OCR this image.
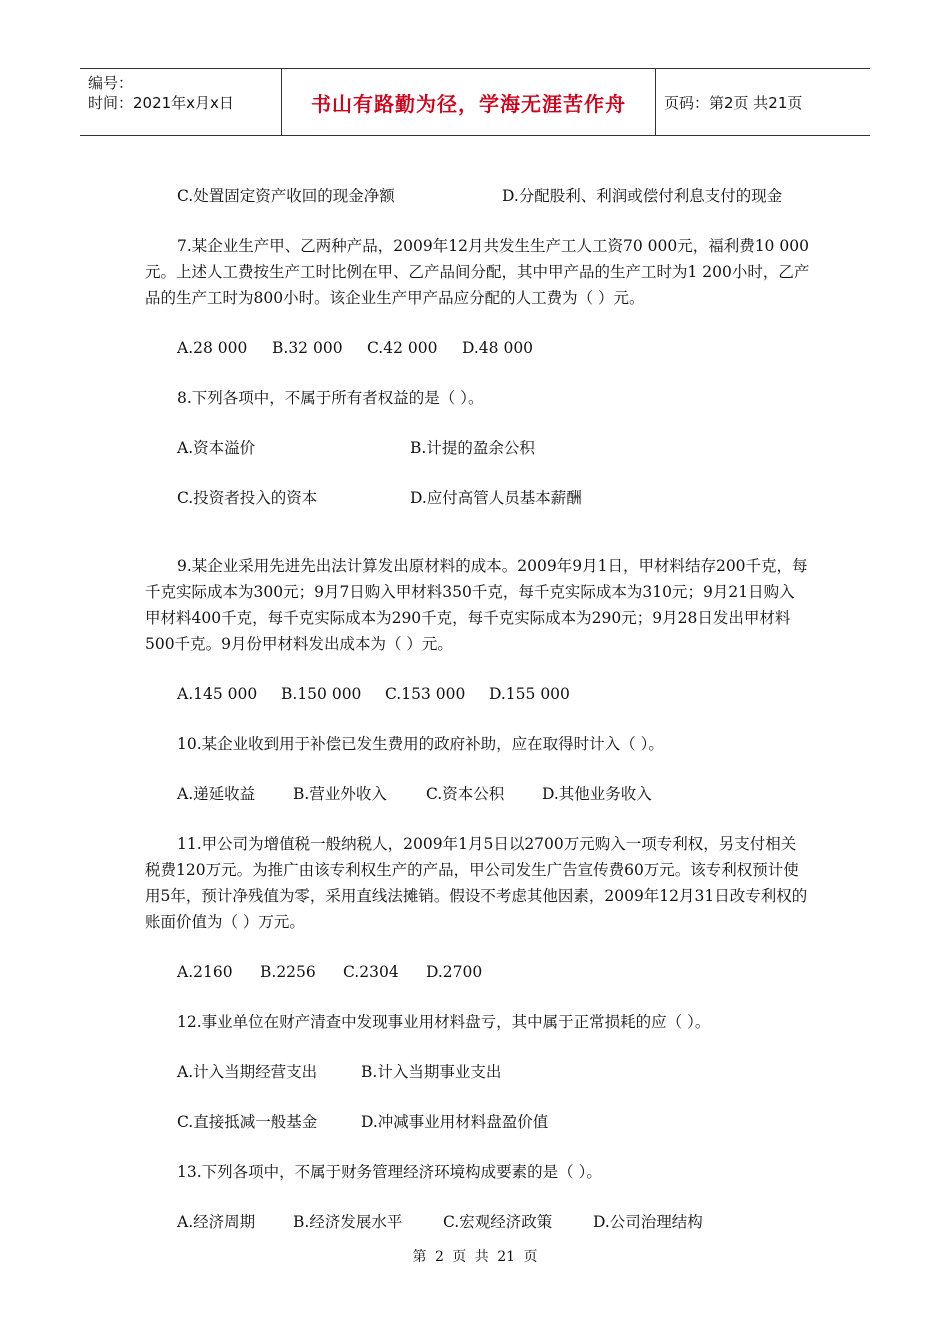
编号：
时间：2021年x月x日	书山有路勤为径，学海无涯苦作舟	页码：第2页 共21页
C.处置固定资产收回的现金净额	D.分配股利、利润或偿付利息支付的现金

7.某企业生产甲、乙两种产品，2009年12月共发生生产工人工资70 000元，福利费10 000元。上述人工费按生产工时比例在甲、乙产品间分配，其中甲产品的生产工时为1 200小时，乙产品的生产工时为800小时。该企业生产甲产品应分配的人工费为（ ）元。

A.28 000	B.32 000	C.42 000	D.48 000

8.下列各项中，不属于所有者权益的是（ ）。

A.资本溢价	B.计提的盈余公积
C.投资者投入的资本	D.应付高管人员基本薪酬

9.某企业采用先进先出法计算发出原材料的成本。2009年9月1日，甲材料结存200千克，每千克实际成本为300元；9月7日购入甲材料350千克，每千克实际成本为310元；9月21日购入甲材料400千克，每千克实际成本为290千克，每千克实际成本为290元；9月28日发出甲材料500千克。9月份甲材料发出成本为（ ）元。

A.145 000	B.150 000	C.153 000	D.155 000

10.某企业收到用于补偿已发生费用的政府补助，应在取得时计入（ ）。

A.递延收益	B.营业外收入	C.资本公积	D.其他业务收入

11.甲公司为增值税一般纳税人，2009年1月5日以2700万元购入一项专利权，另支付相关税费120万元。为推广由该专利权生产的产品，甲公司发生广告宣传费60万元。该专利权预计使用5年，预计净残值为零，采用直线法摊销。假设不考虑其他因素，2009年12月31日改专利权的账面价值为（ ）万元。

A.2160	B.2256	C.2304	D.2700

12.事业单位在财产清查中发现事业用材料盘亏，其中属于正常损耗的应（ ）。

A.计入当期经营支出	B.计入当期事业支出
C.直接抵减一般基金	D.冲减事业用材料盘盈价值

13.下列各项中，不属于财务管理经济环境构成要素的是（ ）。

A.经济周期	B.经济发展水平	C.宏观经济政策	D.公司治理结构
第 2 页 共 21 页
